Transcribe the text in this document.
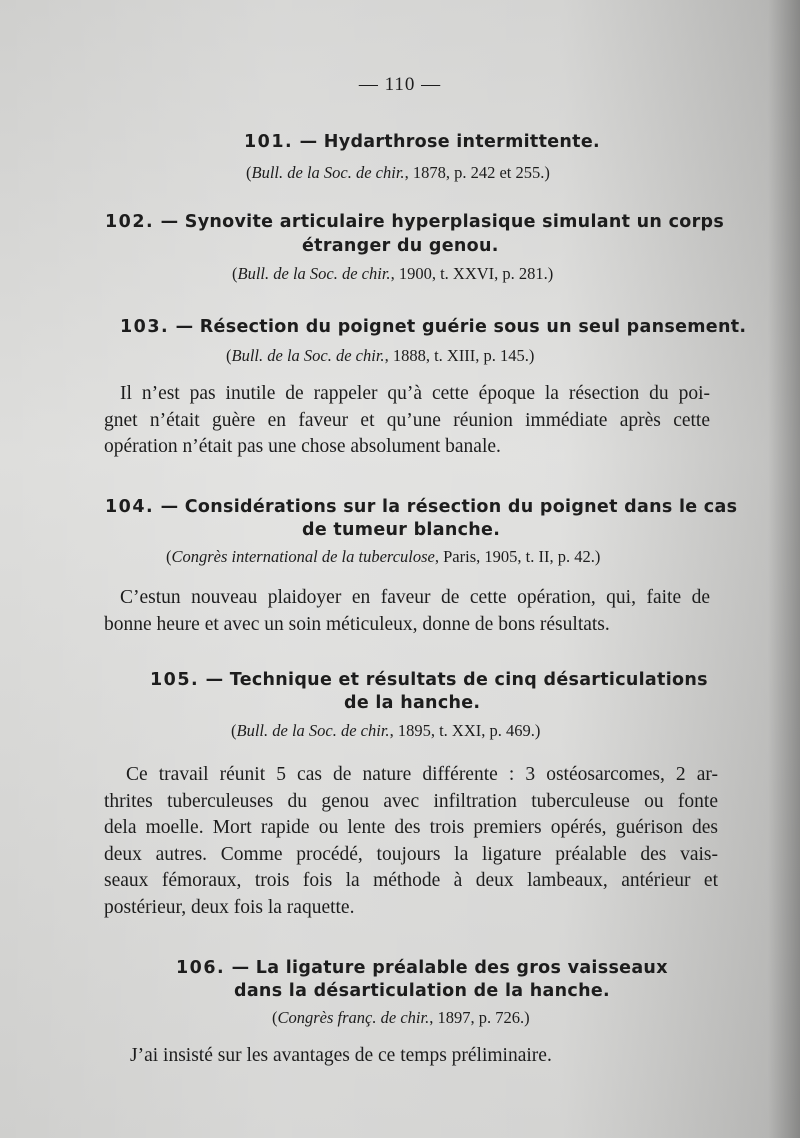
— 110 —
101. — Hydarthrose intermittente.
(Bull. de la Soc. de chir., 1878, p. 242 et 255.)
102. — Synovite articulaire hyperplasique simulant un corps
étranger du genou.
(Bull. de la Soc. de chir., 1900, t. XXVI, p. 281.)
103. — Résection du poignet guérie sous un seul pansement.
(Bull. de la Soc. de chir., 1888, t. XIII, p. 145.)
Il n’est pas inutile de rappeler qu’à cette époque la résection du poi-
gnet n’était guère en faveur et qu’une réunion immédiate après cette
opération n’était pas une chose absolument banale.
104. — Considérations sur la résection du poignet dans le cas
de tumeur blanche.
(Congrès international de la tuberculose, Paris, 1905, t. II, p. 42.)
C’estun nouveau plaidoyer en faveur de cette opération, qui, faite de
bonne heure et avec un soin méticuleux, donne de bons résultats.
105. — Technique et résultats de cinq désarticulations
de la hanche.
(Bull. de la Soc. de chir., 1895, t. XXI, p. 469.)
Ce travail réunit 5 cas de nature différente : 3 ostéosarcomes, 2 ar-
thrites tuberculeuses du genou avec infiltration tuberculeuse ou fonte
dela moelle. Mort rapide ou lente des trois premiers opérés, guérison des
deux autres. Comme procédé, toujours la ligature préalable des vais-
seaux fémoraux, trois fois la méthode à deux lambeaux, antérieur et
postérieur, deux fois la raquette.
106. — La ligature préalable des gros vaisseaux
dans la désarticulation de la hanche.
(Congrès franç. de chir., 1897, p. 726.)
J’ai insisté sur les avantages de ce temps préliminaire.
